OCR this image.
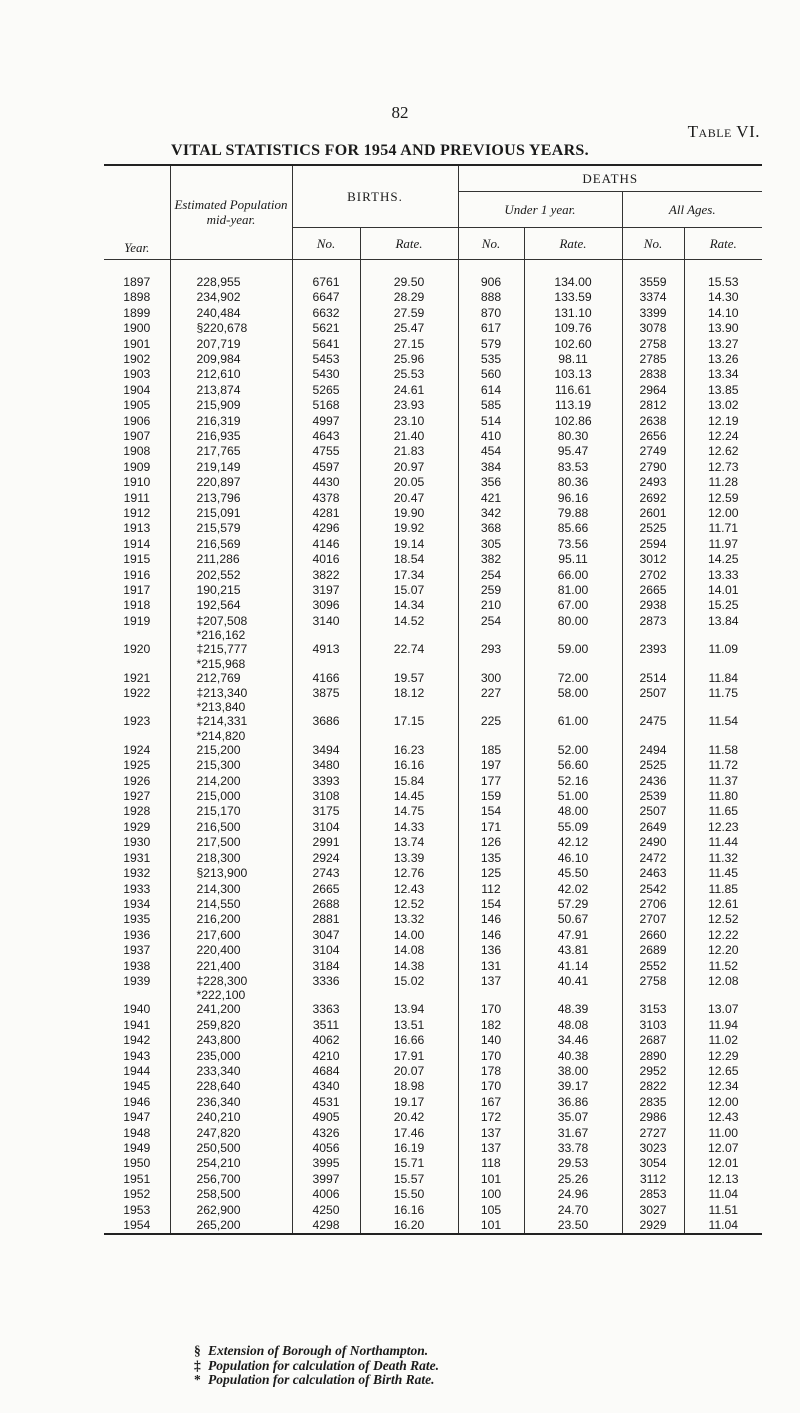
82
Table VI.
VITAL STATISTICS FOR 1954 AND PREVIOUS YEARS.
Year.	Estimated Population mid-year.	BIRTHS.		DEATHS			
				Under 1 year.		All Ages.	
		No.	Rate.	No.	Rate.	No.	Rate.

1897	228,955	6761	29.50	906	134.00	3559	15.53
1898	234,902	6647	28.29	888	133.59	3374	14.30
1899	240,484	6632	27.59	870	131.10	3399	14.10
1900	§220,678	5621	25.47	617	109.76	3078	13.90
1901	207,719	5641	27.15	579	102.60	2758	13.27
1902	209,984	5453	25.96	535	98.11	2785	13.26
1903	212,610	5430	25.53	560	103.13	2838	13.34
1904	213,874	5265	24.61	614	116.61	2964	13.85
1905	215,909	5168	23.93	585	113.19	2812	13.02
1906	216,319	4997	23.10	514	102.86	2638	12.19
1907	216,935	4643	21.40	410	80.30	2656	12.24
1908	217,765	4755	21.83	454	95.47	2749	12.62
1909	219,149	4597	20.97	384	83.53	2790	12.73
1910	220,897	4430	20.05	356	80.36	2493	11.28
1911	213,796	4378	20.47	421	96.16	2692	12.59
1912	215,091	4281	19.90	342	79.88	2601	12.00
1913	215,579	4296	19.92	368	85.66	2525	11.71
1914	216,569	4146	19.14	305	73.56	2594	11.97
1915	211,286	4016	18.54	382	95.11	3012	14.25
1916	202,552	3822	17.34	254	66.00	2702	13.33
1917	190,215	3197	15.07	259	81.00	2665	14.01
1918	192,564	3096	14.34	210	67.00	2938	15.25
1919	‡207,508
*216,162	3140	14.52	254	80.00	2873	13.84
1920	‡215,777
*215,968	4913	22.74	293	59.00	2393	11.09
1921	212,769	4166	19.57	300	72.00	2514	11.84
1922	‡213,340
*213,840	3875	18.12	227	58.00	2507	11.75
1923	‡214,331
*214,820	3686	17.15	225	61.00	2475	11.54
1924	215,200	3494	16.23	185	52.00	2494	11.58
1925	215,300	3480	16.16	197	56.60	2525	11.72
1926	214,200	3393	15.84	177	52.16	2436	11.37
1927	215,000	3108	14.45	159	51.00	2539	11.80
1928	215,170	3175	14.75	154	48.00	2507	11.65
1929	216,500	3104	14.33	171	55.09	2649	12.23
1930	217,500	2991	13.74	126	42.12	2490	11.44
1931	218,300	2924	13.39	135	46.10	2472	11.32
1932	§213,900	2743	12.76	125	45.50	2463	11.45
1933	214,300	2665	12.43	112	42.02	2542	11.85
1934	214,550	2688	12.52	154	57.29	2706	12.61
1935	216,200	2881	13.32	146	50.67	2707	12.52
1936	217,600	3047	14.00	146	47.91	2660	12.22
1937	220,400	3104	14.08	136	43.81	2689	12.20
1938	221,400	3184	14.38	131	41.14	2552	11.52
1939	‡228,300
*222,100	3336	15.02	137	40.41	2758	12.08
1940	241,200	3363	13.94	170	48.39	3153	13.07
1941	259,820	3511	13.51	182	48.08	3103	11.94
1942	243,800	4062	16.66	140	34.46	2687	11.02
1943	235,000	4210	17.91	170	40.38	2890	12.29
1944	233,340	4684	20.07	178	38.00	2952	12.65
1945	228,640	4340	18.98	170	39.17	2822	12.34
1946	236,340	4531	19.17	167	36.86	2835	12.00
1947	240,210	4905	20.42	172	35.07	2986	12.43
1948	247,820	4326	17.46	137	31.67	2727	11.00
1949	250,500	4056	16.19	137	33.78	3023	12.07
1950	254,210	3995	15.71	118	29.53	3054	12.01
1951	256,700	3997	15.57	101	25.26	3112	12.13
1952	258,500	4006	15.50	100	24.96	2853	11.04
1953	262,900	4250	16.16	105	24.70	3027	11.51
1954	265,200	4298	16.20	101	23.50	2929	11.04
§ Extension of Borough of Northampton.
‡ Population for calculation of Death Rate.
* Population for calculation of Birth Rate.
